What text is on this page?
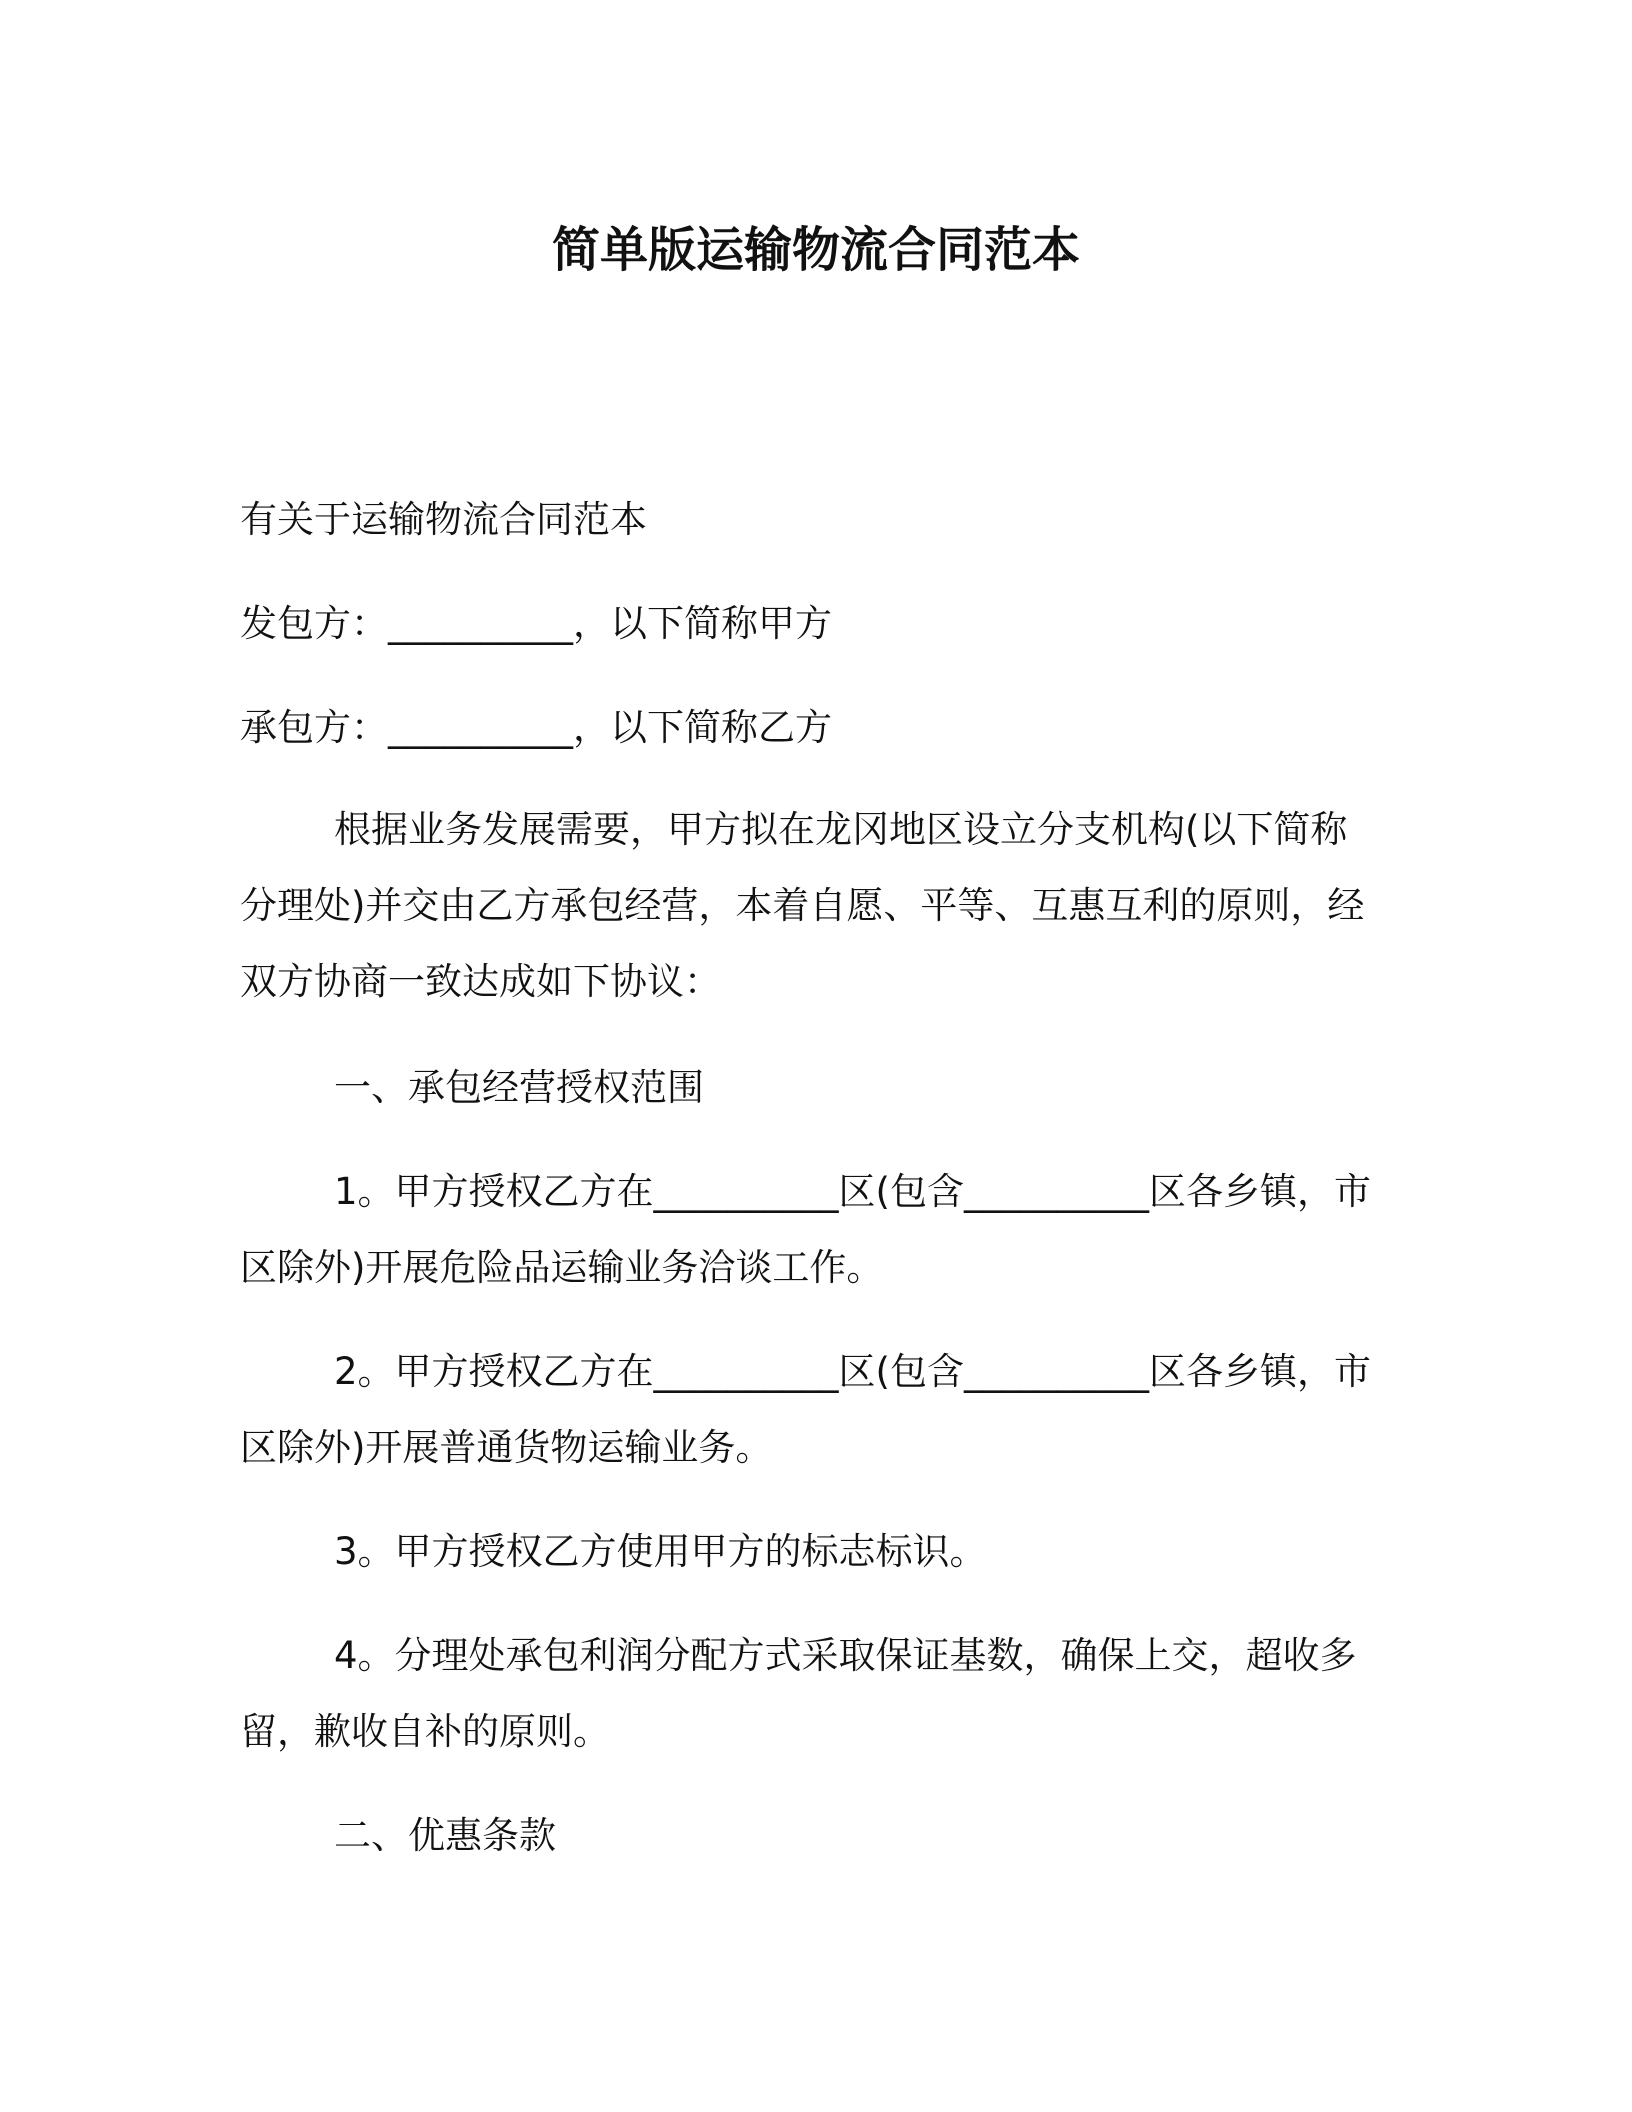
简单版运输物流合同范本
有关于运输物流合同范本
发包方：__________，以下简称甲方
承包方：__________，以下简称乙方
根据业务发展需要，甲方拟在龙冈地区设立分支机构(以下简称分理处)并交由乙方承包经营，本着自愿、平等、互惠互利的原则，经双方协商一致达成如下协议：
一、承包经营授权范围
1。甲方授权乙方在__________区(包含__________区各乡镇，市区除外)开展危险品运输业务洽谈工作。
2。甲方授权乙方在__________区(包含__________区各乡镇，市区除外)开展普通货物运输业务。
3。甲方授权乙方使用甲方的标志标识。
4。分理处承包利润分配方式采取保证基数，确保上交，超收多留，歉收自补的原则。
二、优惠条款
